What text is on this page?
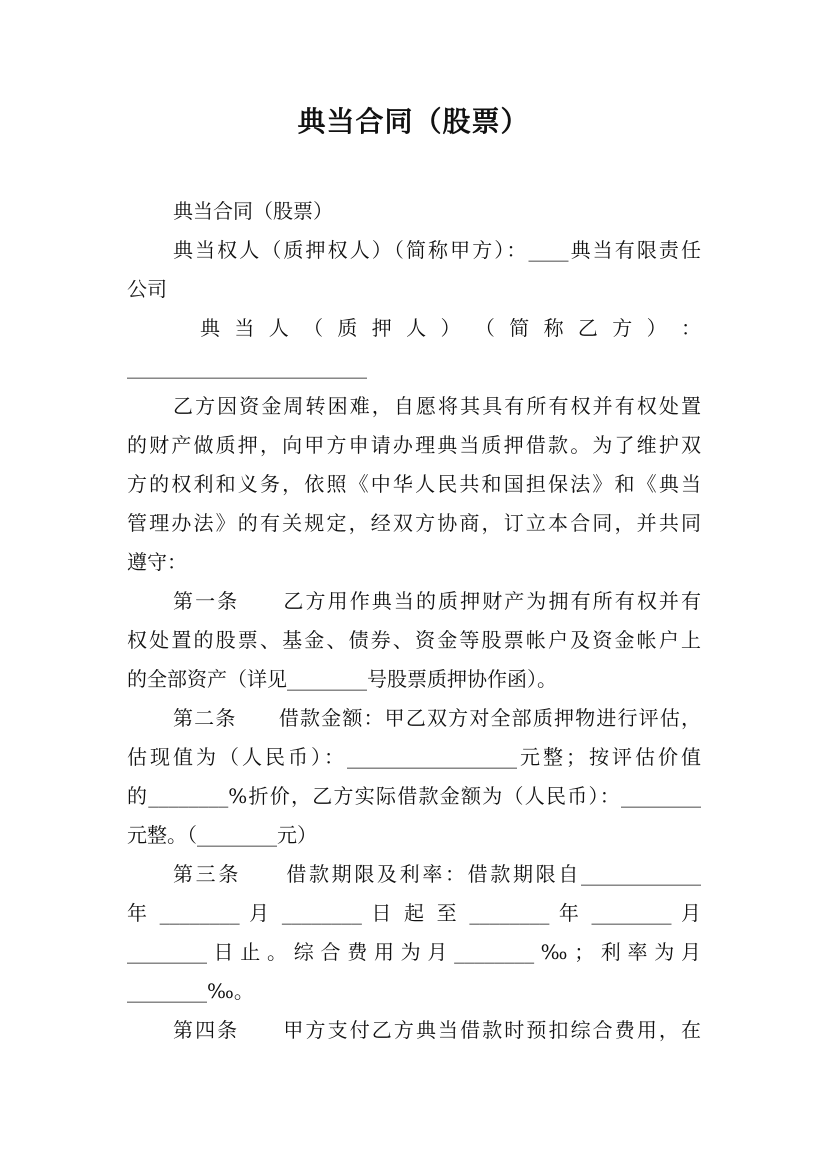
典当合同（股票）
典当合同（股票）
典当权人（质押权人）（简称甲方）：____典当有限责任
公司
典 当 人 （ 质 押 人 ） （ 简 称 乙 方 ） ：
________________________
乙方因资金周转困难，自愿将其具有所有权并有权处置
的财产做质押，向甲方申请办理典当质押借款。为了维护双
方的权利和义务，依照《中华人民共和国担保法》和《典当
管理办法》的有关规定，经双方协商，订立本合同，并共同
遵守：
第一条　　乙方用作典当的质押财产为拥有所有权并有
权处置的股票、基金、债券、资金等股票帐户及资金帐户上
的全部资产（详见________号股票质押协作函）。
第二条　　借款金额：甲乙双方对全部质押物进行评估，
估现值为（人民币）：_________________元整；按评估价值
的________%折价，乙方实际借款金额为（人民币）：________
元整。（________元）
第三条　　借款期限及利率：借款期限自____________
年 ________ 月 ________ 日 起 至 ________ 年 ________ 月
________ 日 止 。 综 合 费 用 为 月 ________ ‰ ； 利 率 为 月
________‰。
第四条　　甲方支付乙方典当借款时预扣综合费用，在
